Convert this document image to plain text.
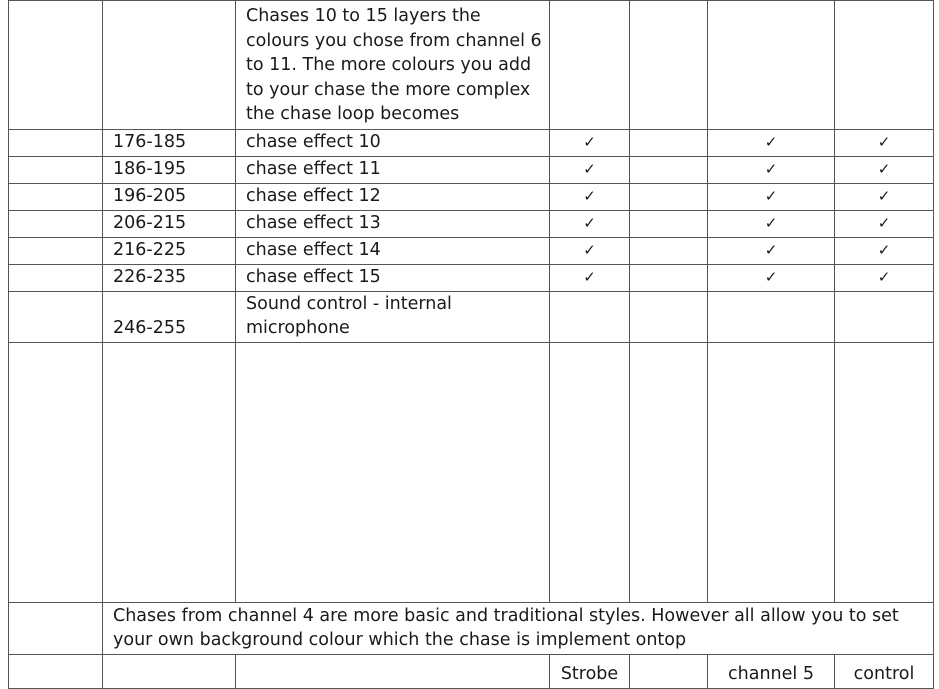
		Chases 10 to 15 layers the colours you chose from channel 6 to 11. The more colours you add to your chase the more complex the chase loop becomes				
	176-185	chase effect 10	✓		✓	✓
	186-195	chase effect 11	✓		✓	✓
	196-205	chase effect 12	✓		✓	✓
	206-215	chase effect 13	✓		✓	✓
	216-225	chase effect 14	✓		✓	✓
	226-235	chase effect 15	✓		✓	✓
	246-255	Sound control - internal microphone				

	Chases from channel 4 are more basic and traditional styles. However all allow you to set your own background colour which the chase is implement ontop					
			Strobe		channel 5	control
